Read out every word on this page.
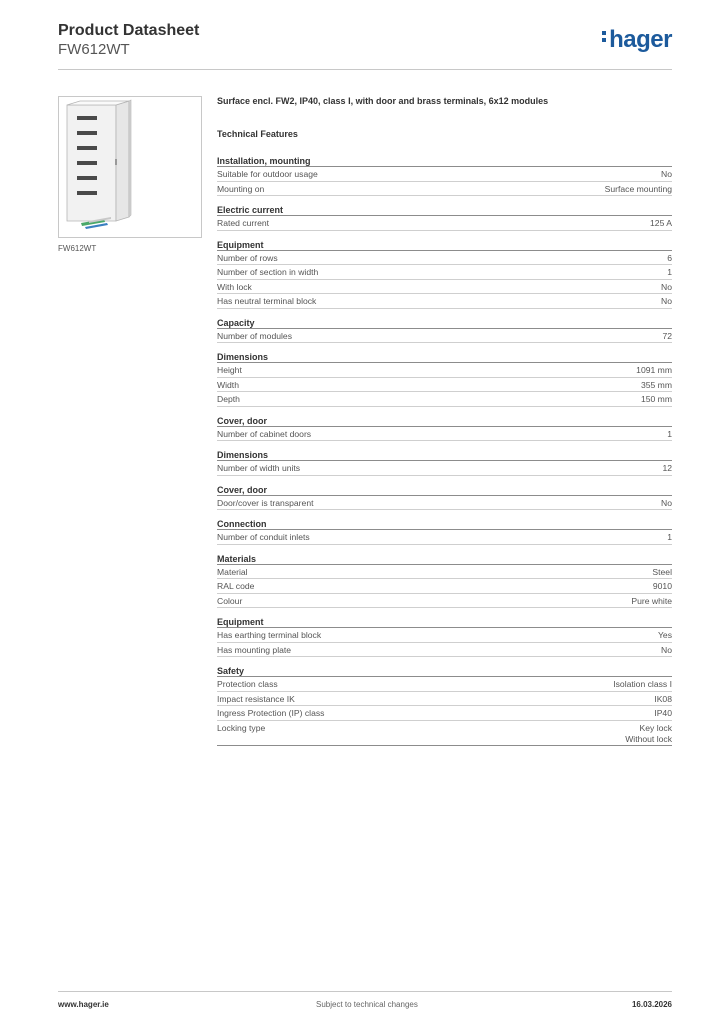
Product Datasheet
FW612WT	hager
FW612WT
Surface encl. FW2, IP40, class I, with door and brass terminals, 6x12 modules
Technical Features
Installation, mounting
Suitable for outdoor usage	No
Mounting on	Surface mounting
Electric current
Rated current	125 A
Equipment
Number of rows	6
Number of section in width	1
With lock	No
Has neutral terminal block	No
Capacity
Number of modules	72
Dimensions
Height	1091 mm
Width	355 mm
Depth	150 mm
Cover, door
Number of cabinet doors	1
Dimensions
Number of width units	12
Cover, door
Door/cover is transparent	No
Connection
Number of conduit inlets	1
Materials
Material	Steel
RAL code	9010
Colour	Pure white
Equipment
Has earthing terminal block	Yes
Has mounting plate	No
Safety
Protection class	Isolation class I
Impact resistance IK	IK08
Ingress Protection (IP) class	IP40
Locking type	Key lock
Without lock
www.hager.ie	Subject to technical changes	16.03.2026
